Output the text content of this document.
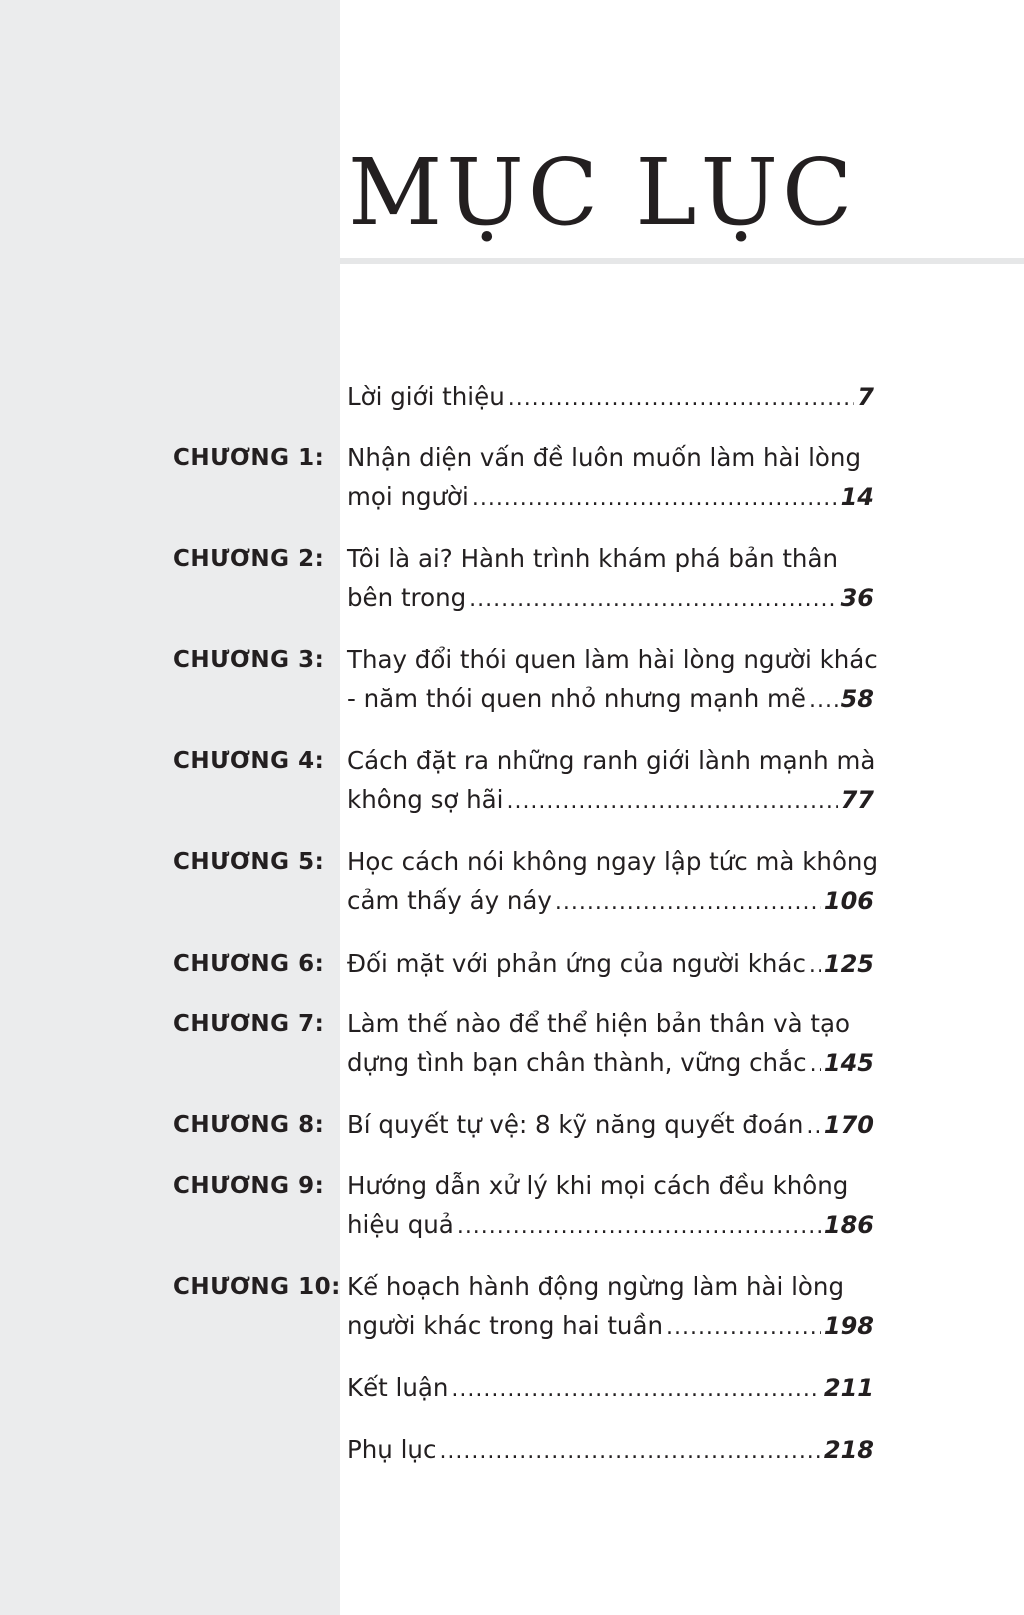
MỤC LỤC
Lời giới thiệu . . .	7
CHƯƠNG 1: Nhận diện vấn đề luôn muốn làm hài lòng
mọi người . . .	14
CHƯƠNG 2: Tôi là ai? Hành trình khám phá bản thân
bên trong . . .	36
CHƯƠNG 3: Thay đổi thói quen làm hài lòng người khác
- năm thói quen nhỏ nhưng mạnh mẽ . . . 58
CHƯƠNG 4: Cách đặt ra những ranh giới lành mạnh mà
không sợ hãi . . .	77
CHƯƠNG 5: Học cách nói không ngay lập tức mà không
cảm thấy áy náy . . .	106
CHƯƠNG 6: Đối mặt với phản ứng của người khác . . . 125
CHƯƠNG 7: Làm thế nào để thể hiện bản thân và tạo
dựng tình bạn chân thành, vững chắc . . . 145
CHƯƠNG 8: Bí quyết tự vệ: 8 kỹ năng quyết đoán . . . 170
CHƯƠNG 9: Hướng dẫn xử lý khi mọi cách đều không
hiệu quả . . .	186
CHƯƠNG 10: Kế hoạch hành động ngừng làm hài lòng
người khác trong hai tuần . . .	198
Kết luận . . .	211
Phụ lục . . .	218
